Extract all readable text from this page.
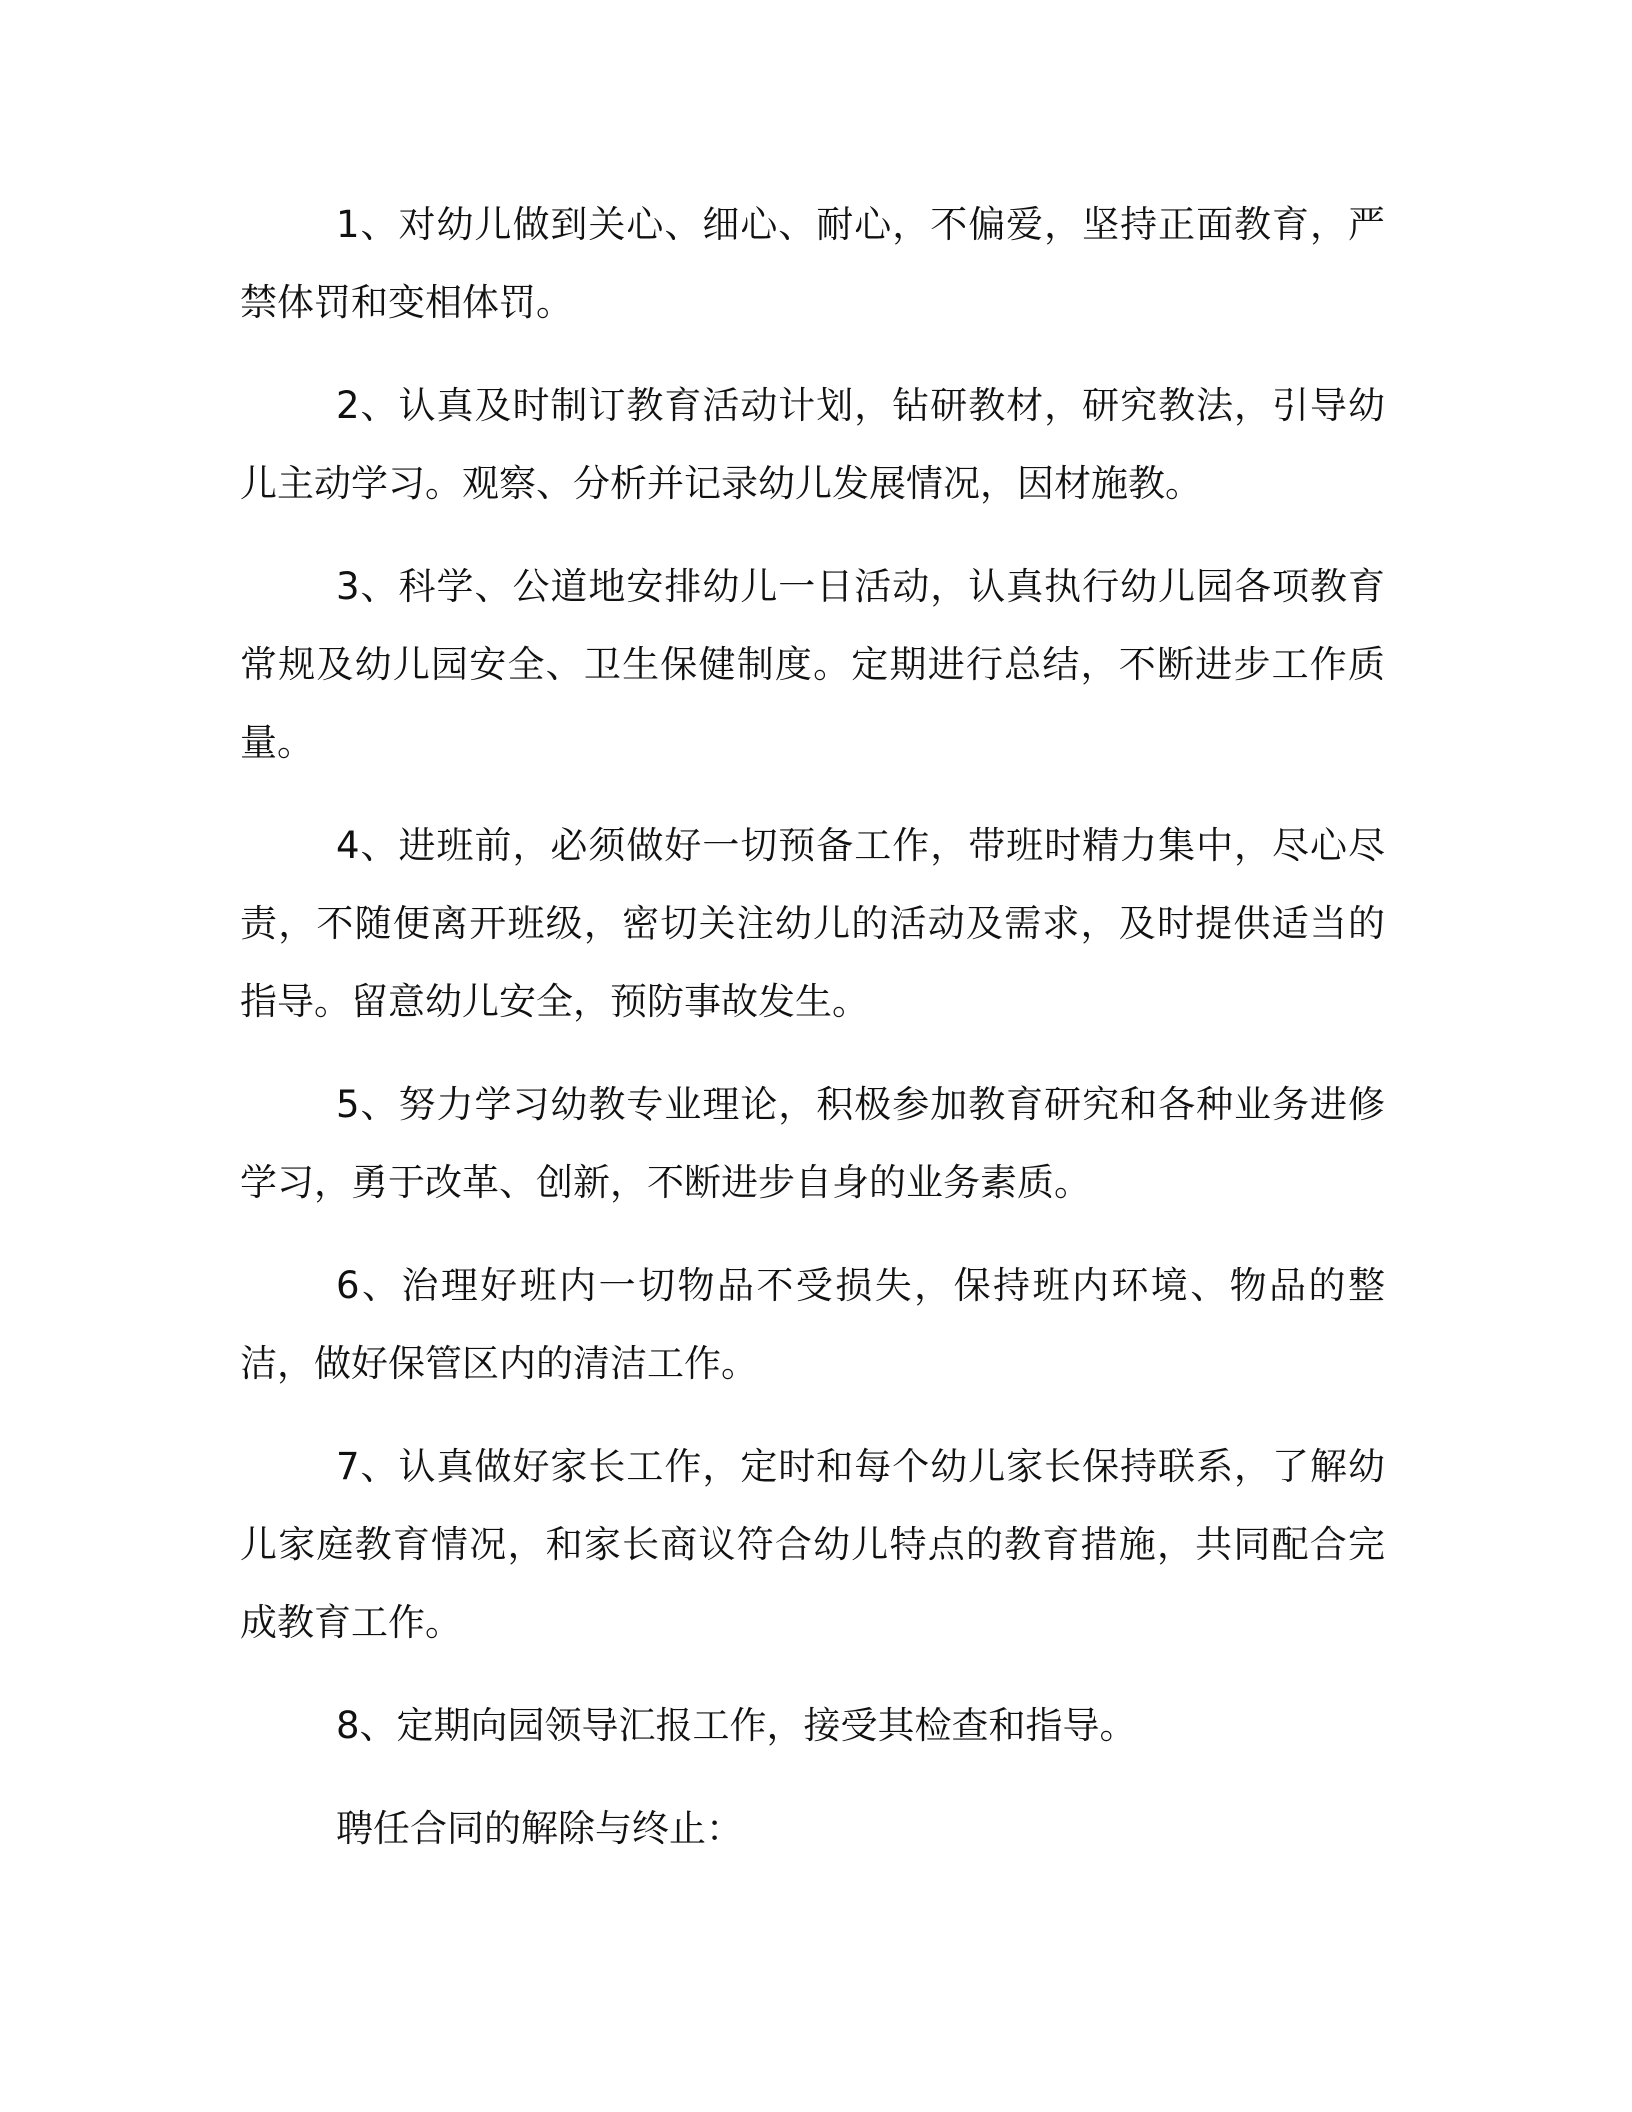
1、对幼儿做到关心、细心、耐心，不偏爱，坚持正面教育，严禁体罚和变相体罚。

2、认真及时制订教育活动计划，钻研教材，研究教法，引导幼儿主动学习。观察、分析并记录幼儿发展情况，因材施教。

3、科学、公道地安排幼儿一日活动，认真执行幼儿园各项教育常规及幼儿园安全、卫生保健制度。定期进行总结，不断进步工作质量。

4、进班前，必须做好一切预备工作，带班时精力集中，尽心尽责，不随便离开班级，密切关注幼儿的活动及需求，及时提供适当的指导。留意幼儿安全，预防事故发生。

5、努力学习幼教专业理论，积极参加教育研究和各种业务进修学习，勇于改革、创新，不断进步自身的业务素质。

6、治理好班内一切物品不受损失，保持班内环境、物品的整洁，做好保管区内的清洁工作。

7、认真做好家长工作，定时和每个幼儿家长保持联系，了解幼儿家庭教育情况，和家长商议符合幼儿特点的教育措施，共同配合完成教育工作。

8、定期向园领导汇报工作，接受其检查和指导。

聘任合同的解除与终止：
